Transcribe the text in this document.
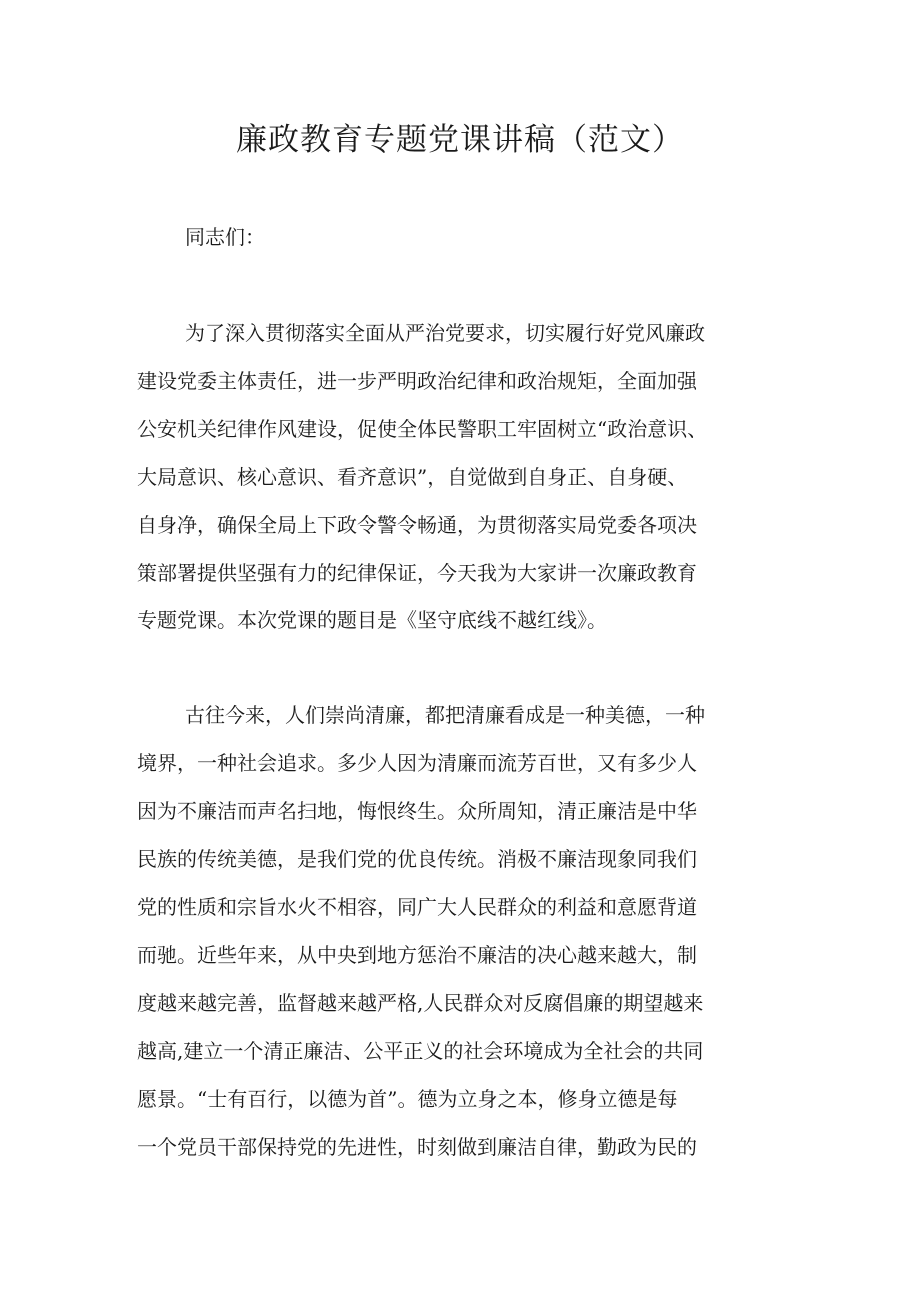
廉政教育专题党课讲稿（范文）

同志们：

为了深入贯彻落实全面从严治党要求，切实履行好党风廉政

建设党委主体责任，进一步严明政治纪律和政治规矩，全面加强

公安机关纪律作风建设，促使全体民警职工牢固树立“政治意识、

大局意识、核心意识、看齐意识”，自觉做到自身正、自身硬、

自身净，确保全局上下政令警令畅通，为贯彻落实局党委各项决

策部署提供坚强有力的纪律保证，今天我为大家讲一次廉政教育

专题党课。本次党课的题目是《坚守底线不越红线》。

古往今来，人们崇尚清廉，都把清廉看成是一种美德，一种

境界，一种社会追求。多少人因为清廉而流芳百世，又有多少人

因为不廉洁而声名扫地，悔恨终生。众所周知，清正廉洁是中华

民族的传统美德，是我们党的优良传统。消极不廉洁现象同我们

党的性质和宗旨水火不相容，同广大人民群众的利益和意愿背道

而驰。近些年来，从中央到地方惩治不廉洁的决心越来越大，制

度越来越完善，监督越来越严格,人民群众对反腐倡廉的期望越来

越高,建立一个清正廉洁、公平正义的社会环境成为全社会的共同

愿景。“士有百行，以德为首”。德为立身之本，修身立德是每

一个党员干部保持党的先进性，时刻做到廉洁自律，勤政为民的
